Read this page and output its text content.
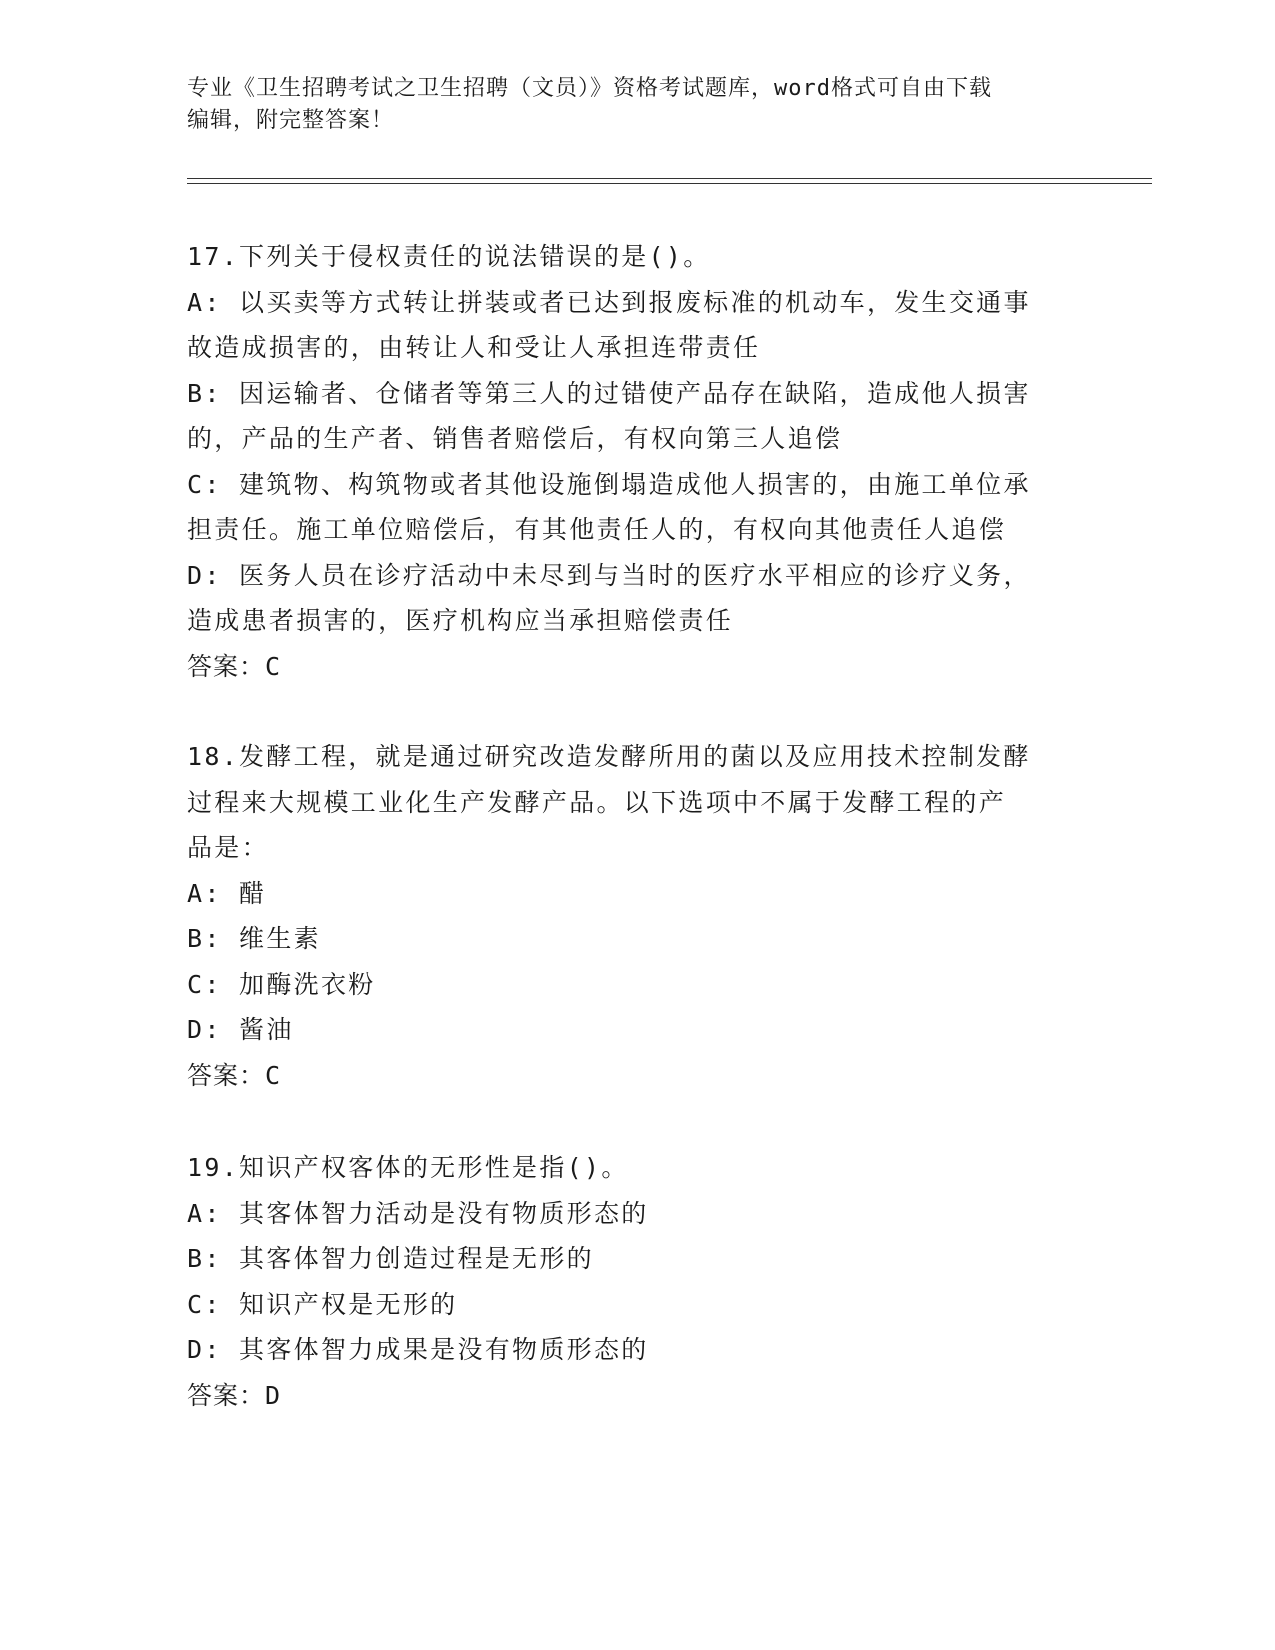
专业《卫生招聘考试之卫生招聘（文员）》资格考试题库，word格式可自由下载
编辑，附完整答案！

17.下列关于侵权责任的说法错误的是()。

A: 以买卖等方式转让拼装或者已达到报废标准的机动车，发生交通事

故造成损害的，由转让人和受让人承担连带责任

B: 因运输者、仓储者等第三人的过错使产品存在缺陷，造成他人损害

的，产品的生产者、销售者赔偿后，有权向第三人追偿

C: 建筑物、构筑物或者其他设施倒塌造成他人损害的，由施工单位承

担责任。施工单位赔偿后，有其他责任人的，有权向其他责任人追偿

D: 医务人员在诊疗活动中未尽到与当时的医疗水平相应的诊疗义务，

造成患者损害的，医疗机构应当承担赔偿责任

答案：C

18.发酵工程，就是通过研究改造发酵所用的菌以及应用技术控制发酵

过程来大规模工业化生产发酵产品。以下选项中不属于发酵工程的产

品是：

A: 醋

B: 维生素

C: 加酶洗衣粉

D: 酱油

答案：C

19.知识产权客体的无形性是指()。

A: 其客体智力活动是没有物质形态的

B: 其客体智力创造过程是无形的

C: 知识产权是无形的

D: 其客体智力成果是没有物质形态的

答案：D
